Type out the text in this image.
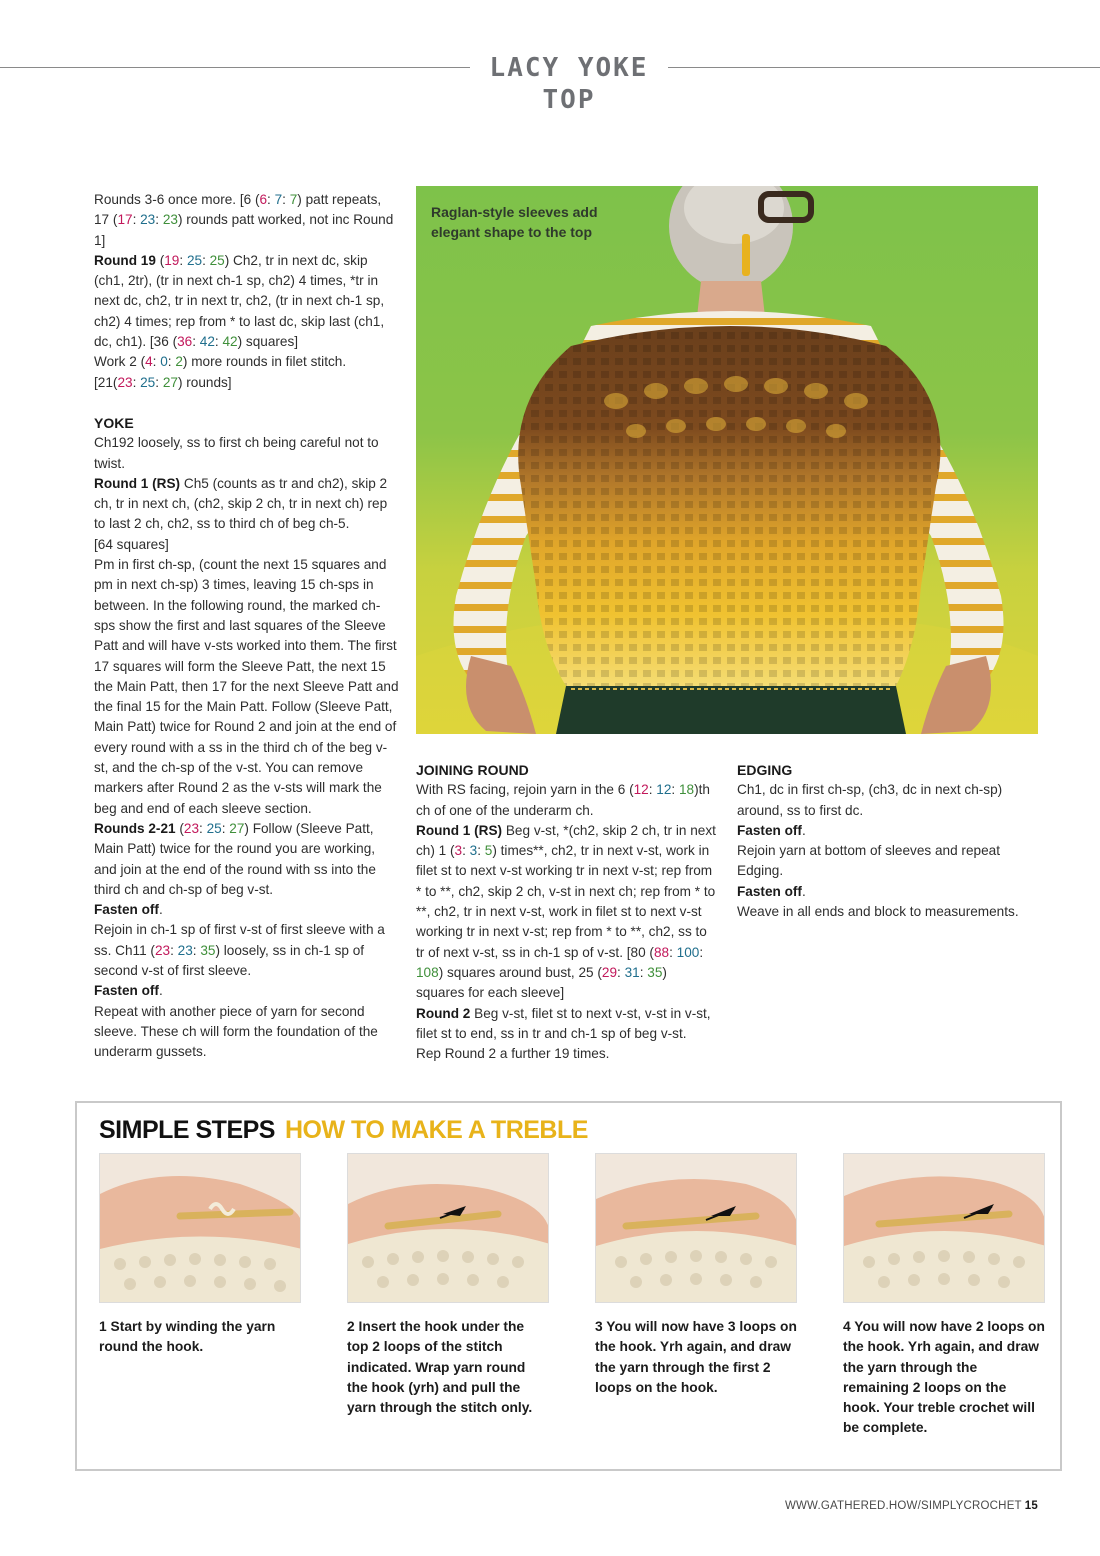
LACY YOKE TOP

Rounds 3-6 once more. [6 (6: 7: 7) patt repeats, 17 (17: 23: 23) rounds patt worked, not inc Round 1]

Round 19 (19: 25: 25) Ch2, tr in next dc, skip (ch1, 2tr), (tr in next ch-1 sp, ch2) 4 times, *tr in next dc, ch2, tr in next tr, ch2, (tr in next ch-1 sp, ch2) 4 times; rep from * to last dc, skip last (ch1, dc, ch1). [36 (36: 42: 42) squares]

Work 2 (4: 0: 2) more rounds in filet stitch.
[21(23: 25: 27) rounds]

YOKE

Ch192 loosely, ss to first ch being careful not to twist.

Round 1 (RS) Ch5 (counts as tr and ch2), skip 2 ch, tr in next ch, (ch2, skip 2 ch, tr in next ch) rep to last 2 ch, ch2, ss to third ch of beg ch-5.
[64 squares]

Pm in first ch-sp, (count the next 15 squares and pm in next ch-sp) 3 times, leaving 15 ch-sps in between. In the following round, the marked ch-sps show the first and last squares of the Sleeve Patt and will have v-sts worked into them. The first 17 squares will form the Sleeve Patt, the next 15 the Main Patt, then 17 for the next Sleeve Patt and the final 15 for the Main Patt. Follow (Sleeve Patt, Main Patt) twice for Round 2 and join at the end of every round with a ss in the third ch of the beg v-st, and the ch-sp of the v-st. You can remove markers after Round 2 as the v-sts will mark the beg and end of each sleeve section.

Rounds 2-21 (23: 25: 27) Follow (Sleeve Patt, Main Patt) twice for the round you are working, and join at the end of the round with ss into the third ch and ch-sp of beg v-st.

Fasten off.

Rejoin in ch-1 sp of first v-st of first sleeve with a ss. Ch11 (23: 23: 35) loosely, ss in ch-1 sp of second v-st of first sleeve.

Fasten off.

Repeat with another piece of yarn for second sleeve. These ch will form the foundation of the underarm gussets.

Raglan-style sleeves add elegant shape to the top

JOINING ROUND

With RS facing, rejoin yarn in the 6 (12: 12: 18)th ch of one of the underarm ch.

Round 1 (RS) Beg v-st, *(ch2, skip 2 ch, tr in next ch) 1 (3: 3: 5) times**, ch2, tr in next v-st, work in filet st to next v-st working tr in next v-st; rep from * to **, ch2, skip 2 ch, v-st in next ch; rep from * to **, ch2, tr in next v-st, work in filet st to next v-st working tr in next v-st; rep from * to **, ch2, ss to tr of next v-st, ss in ch-1 sp of v-st. [80 (88: 100: 108) squares around bust, 25 (29: 31: 35) squares for each sleeve]

Round 2 Beg v-st, filet st to next v-st, v-st in v-st, filet st to end, ss in tr and ch-1 sp of beg v-st.

Rep Round 2 a further 19 times.

EDGING

Ch1, dc in first ch-sp, (ch3, dc in next ch-sp) around, ss to first dc.

Fasten off.

Rejoin yarn at bottom of sleeves and repeat Edging.

Fasten off.

Weave in all ends and block to measurements.

SIMPLE STEPS HOW TO MAKE A TREBLE
1 Start by winding the yarn round the hook.
2 Insert the hook under the top 2 loops of the stitch indicated. Wrap yarn round the hook (yrh) and pull the yarn through the stitch only.
3 You will now have 3 loops on the hook. Yrh again, and draw the yarn through the first 2 loops on the hook.
4 You will now have 2 loops on the hook. Yrh again, and draw the yarn through the remaining 2 loops on the hook. Your treble crochet will be complete.
WWW.GATHERED.HOW/SIMPLYCROCHET 15
